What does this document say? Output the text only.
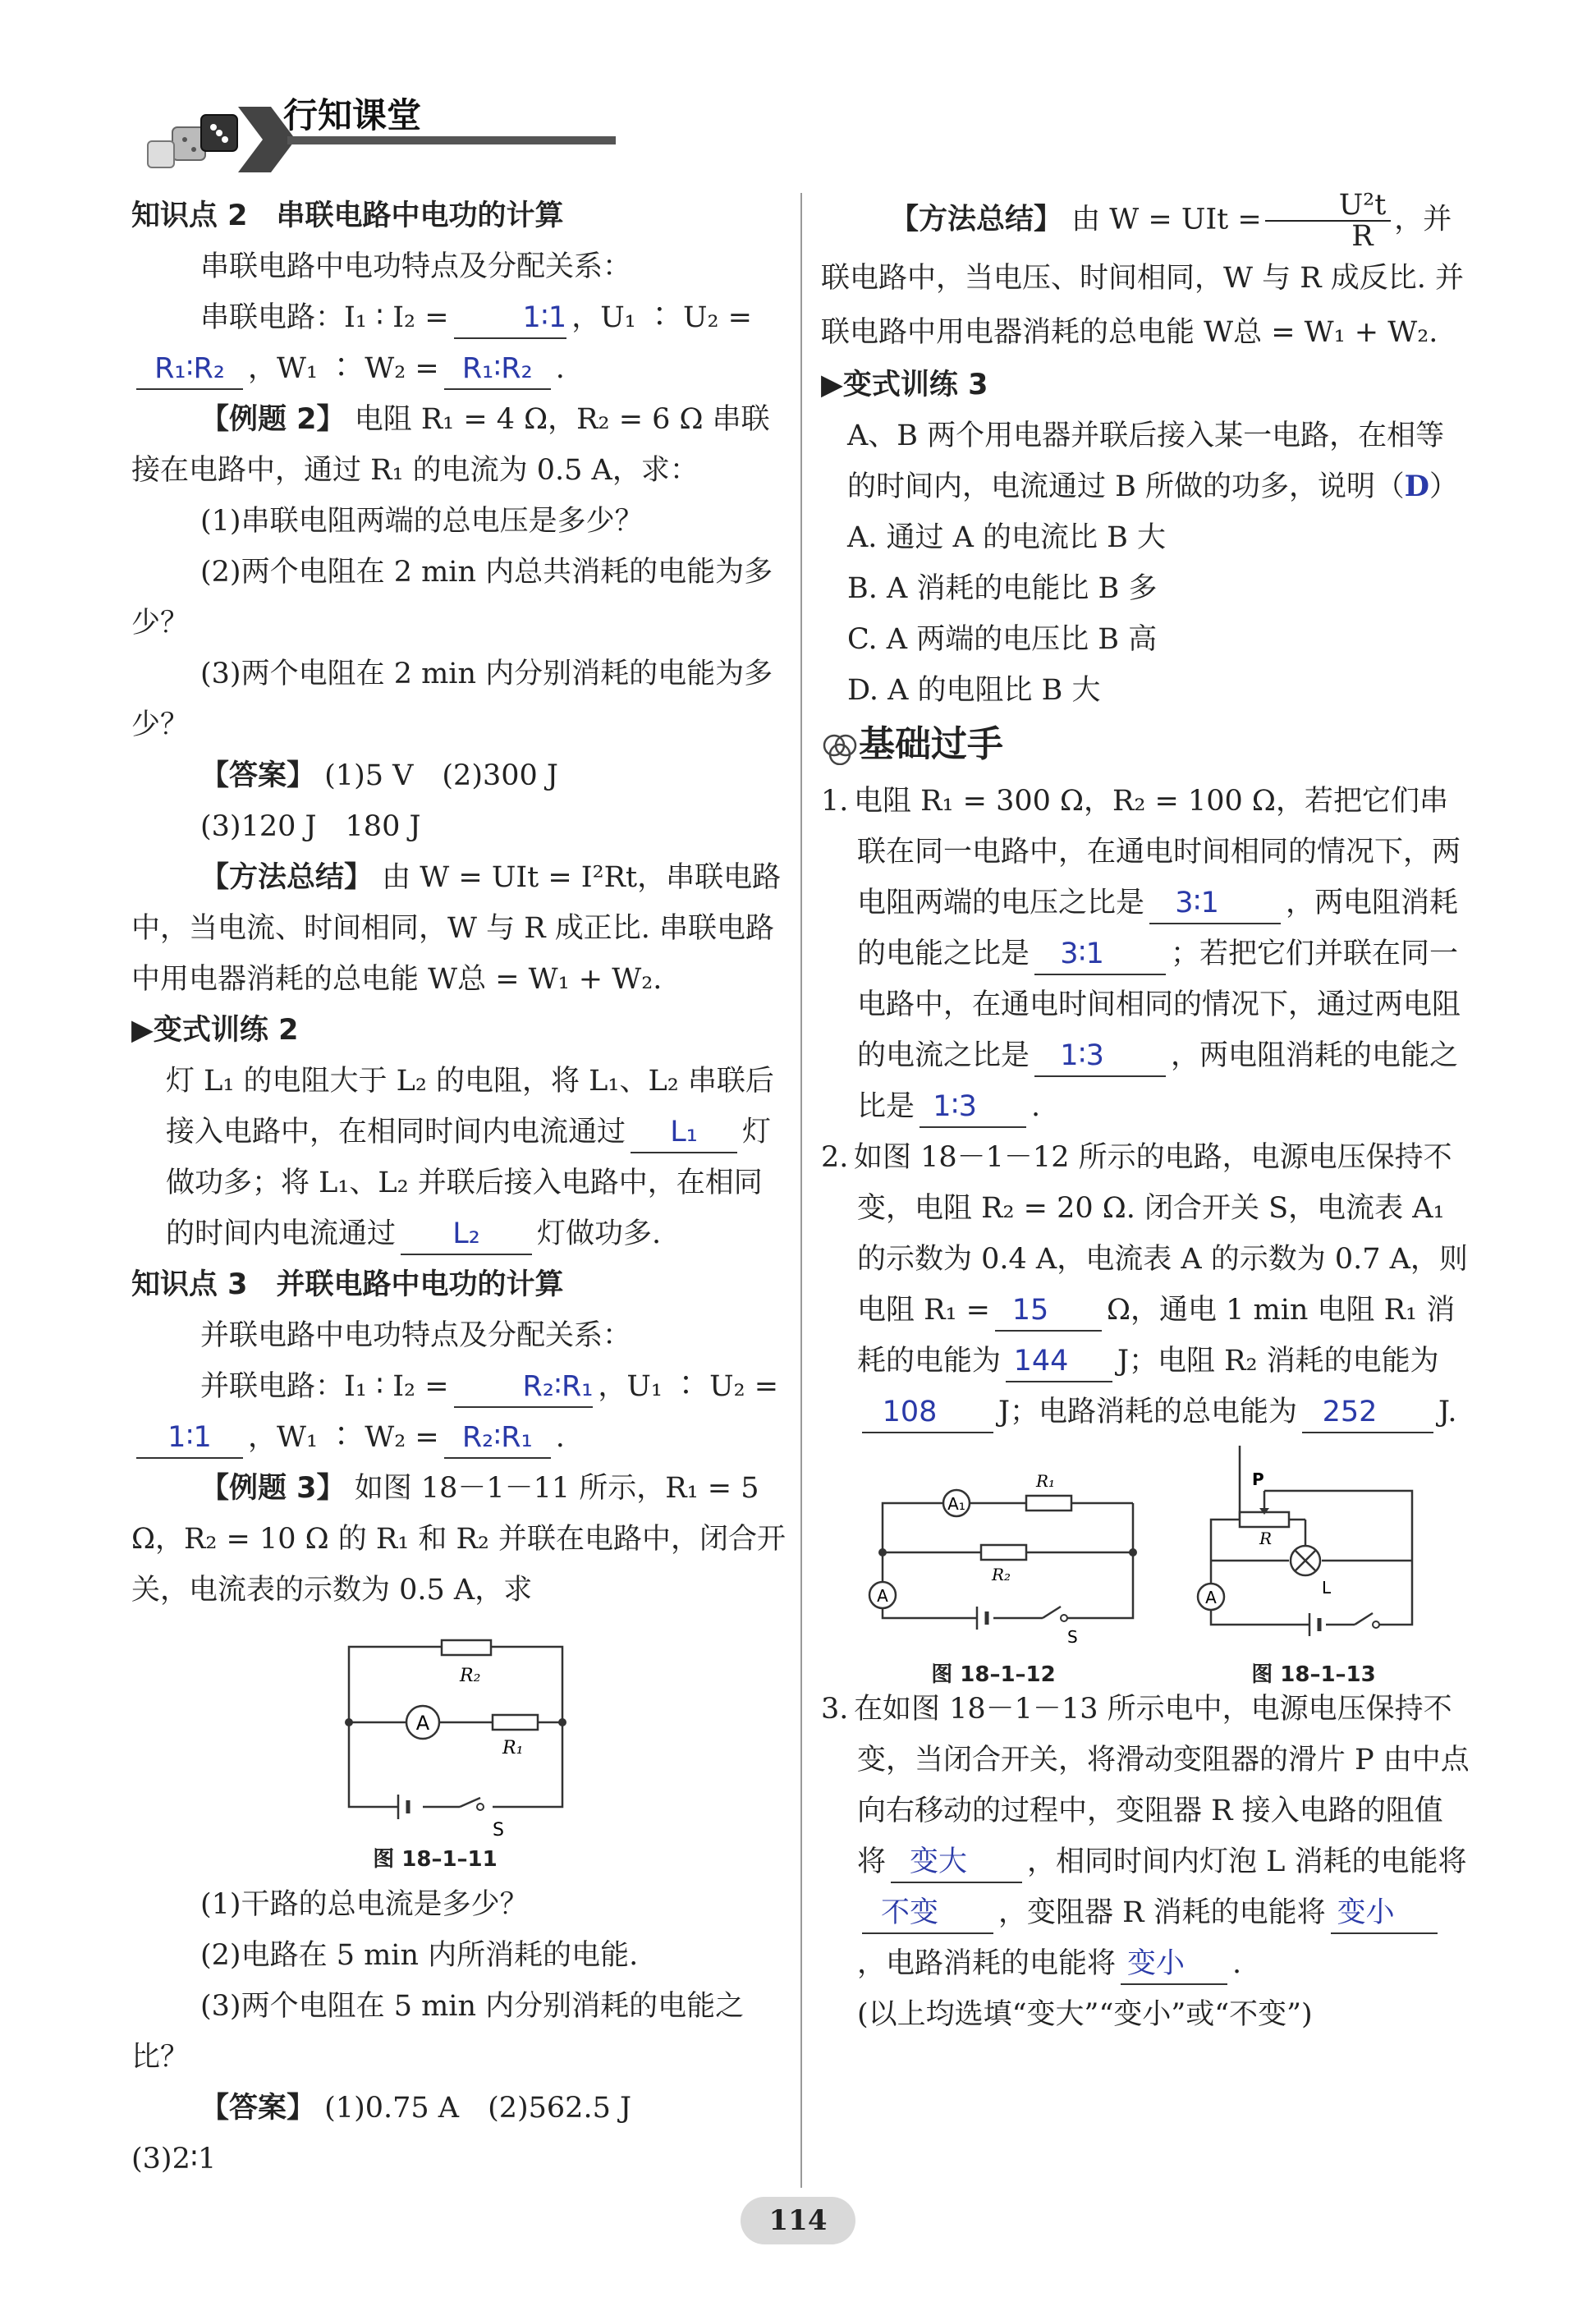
行知课堂

知识点 2　串联电路中电功的计算

串联电路中电功特点及分配关系：

串联电路：I₁ ∶ I₂ =	1∶1 ，U₁ ∶ U₂ =

R₁∶R₂ ，W₁ ∶ W₂ = R₁∶R₂ .

【例题 2】 电阻 R₁ = 4 Ω，R₂ = 6 Ω 串联接在电路中，通过 R₁ 的电流为 0.5 A，求：

(1)串联电阻两端的总电压是多少？

(2)两个电阻在 2 min 内总共消耗的电能为多少？

(3)两个电阻在 2 min 内分别消耗的电能为多少？

【答案】 (1)5 V　(2)300 J

(3)120 J　180 J

【方法总结】 由 W = UIt = I²Rt，串联电路中，当电流、时间相同，W 与 R 成正比. 串联电路中用电器消耗的总电能 W总 = W₁ + W₂.

▶变式训练 2

灯 L₁ 的电阻大于 L₂ 的电阻，将 L₁、L₂ 串联后接入电路中，在相同时间内电流通过 L₁ 灯做功多；将 L₁、L₂ 并联后接入电路中，在相同的时间内电流通过 L₂ 灯做功多.

知识点 3　并联电路中电功的计算

并联电路中电功特点及分配关系：

并联电路：I₁ ∶ I₂ =	R₂∶R₁ ，U₁ ∶ U₂ =

1∶1 ，W₁ ∶ W₂ = R₂∶R₁ .

【例题 3】 如图 18－1－11 所示，R₁ = 5 Ω，R₂ = 10 Ω 的 R₁ 和 R₂ 并联在电路中，闭合开关，电流表的示数为 0.5 A，求

A
R₂
R₁
S

图 18–1–11

(1)干路的总电流是多少？

(2)电路在 5 min 内所消耗的电能.

(3)两个电阻在 5 min 内分别消耗的电能之比？

【答案】 (1)0.75 A　(2)562.5 J

(3)2∶1

【方法总结】 由 W = UIt = $\frac{\text{U²t}}{R}$ ，并联电路中，当电压、时间相同，W 与 R 成反比. 并联电路中用电器消耗的总电能 W总 = W₁ + W₂.

▶变式训练 3

A、B 两个用电器并联后接入某一电路，在相等的时间内，电流通过 B 所做的功多，说明 （D）

A. 通过 A 的电流比 B 大

B. A 消耗的电能比 B 多

C. A 两端的电压比 B 高

D. A 的电阻比 B 大

基础过手

1. 电阻 R₁ = 300 Ω，R₂ = 100 Ω，若把它们串联在同一电路中，在通电时间相同的情况下，两电阻两端的电压之比是 3∶1 ，两电阻消耗的电能之比是 3∶1 ；若把它们并联在同一电路中，在通电时间相同的情况下，通过两电阻的电流之比是 1∶3 ，两电阻消耗的电能之比是 1∶3 .

2. 如图 18－1－12 所示的电路，电源电压保持不变，电阻 R₂ = 20 Ω. 闭合开关 S，电流表 A₁ 的示数为 0.4 A，电流表 A 的示数为 0.7 A，则电阻 R₁ = 15 Ω，通电 1 min 电阻 R₁ 消耗的电能为 144 J；电阻 R₂ 消耗的电能为108 J；电路消耗的总电能为 252 J.

A₁
A
R₁
R₂
S
P
R
L
A
图 18–1–12	图 18–1–13

3. 在如图 18－1－13 所示电中，电源电压保持不变，当闭合开关，将滑动变阻器的滑片 P 由中点向右移动的过程中，变阻器 R 接入电路的阻值将 变大 ，相同时间内灯泡 L 消耗的电能将不变 ，变阻器 R 消耗的电能将 变小，电路消耗的电能将 变小 .

(以上均选填“变大”“变小”或“不变”)

114
